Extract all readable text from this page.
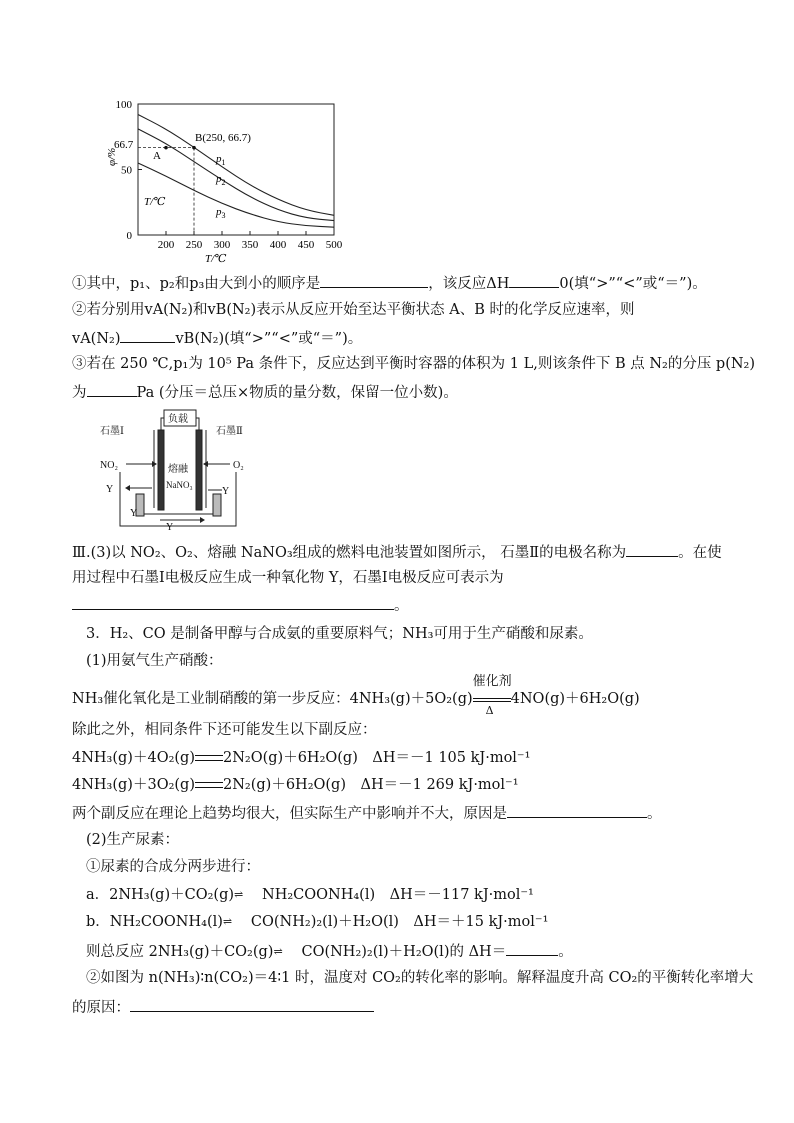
0
50
100
200 250 300 350 400 450 500
A
B(250, 66.7)
66.7
φ/%
T/℃
T/℃
$p_1$
$p_2$
$p_3$
①其中，p₁、p₂和p₃由大到小的顺序是	，该反应ΔH	0(填“>”“<”或“＝”)。
②若分别用vA(N₂)和vB(N₂)表示从反应开始至达平衡状态 A、B 时的化学反应速率，则
vA(N₂)	vB(N₂)(填“>”“<”或“＝”)。
③若在 250 ℃,p₁为 10⁵ Pa 条件下，反应达到平衡时容器的体积为 1 L,则该条件下 B 点 N₂的分压 p(N₂)
为	Pa (分压＝总压×物质的量分数，保留一位小数)。
负载
石墨Ⅰ	石墨Ⅱ
NO₂	O₂
熔融
NaNO₃
Y
Y
Y
Y
Ⅲ.(3)以 NO₂、O₂、熔融 NaNO₃组成的燃料电池装置如图所示， 石墨Ⅱ的电极名称为	。在使
用过程中石墨Ⅰ电极反应生成一种氧化物 Y，石墨Ⅰ电极反应可表示为
。
3．H₂、CO 是制备甲醇与合成氨的重要原料气；NH₃可用于生产硝酸和尿素。
(1)用氨气生产硝酸：
NH₃催化氧化是工业制硝酸的第一步反应：4NH₃(g)＋5O₂(g)
催化剂
Δ
4NO(g)＋6H₂O(g)
除此之外，相同条件下还可能发生以下副反应：
4NH₃(g)＋4O₂(g) 2N₂O(g)＋6H₂O(g)　ΔH＝－1 105 kJ·mol⁻¹
4NH₃(g)＋3O₂(g) 2N₂(g)＋6H₂O(g)　ΔH＝－1 269 kJ·mol⁻¹
两个副反应在理论上趋势均很大，但实际生产中影响并不大，原因是	。
(2)生产尿素：
①尿素的合成分两步进行：
a．2NH₃(g)＋CO₂(g)⇌ NH₂COONH₄(l)　ΔH＝－117 kJ·mol⁻¹
b．NH₂COONH₄(l)⇌ CO(NH₂)₂(l)＋H₂O(l)　ΔH＝＋15 kJ·mol⁻¹
则总反应 2NH₃(g)＋CO₂(g)⇌ CO(NH₂)₂(l)＋H₂O(l)的 ΔH＝	。
②如图为 n(NH₃)∶n(CO₂)＝4∶1 时，温度对 CO₂的转化率的影响。解释温度升高 CO₂的平衡转化率增大
的原因：
